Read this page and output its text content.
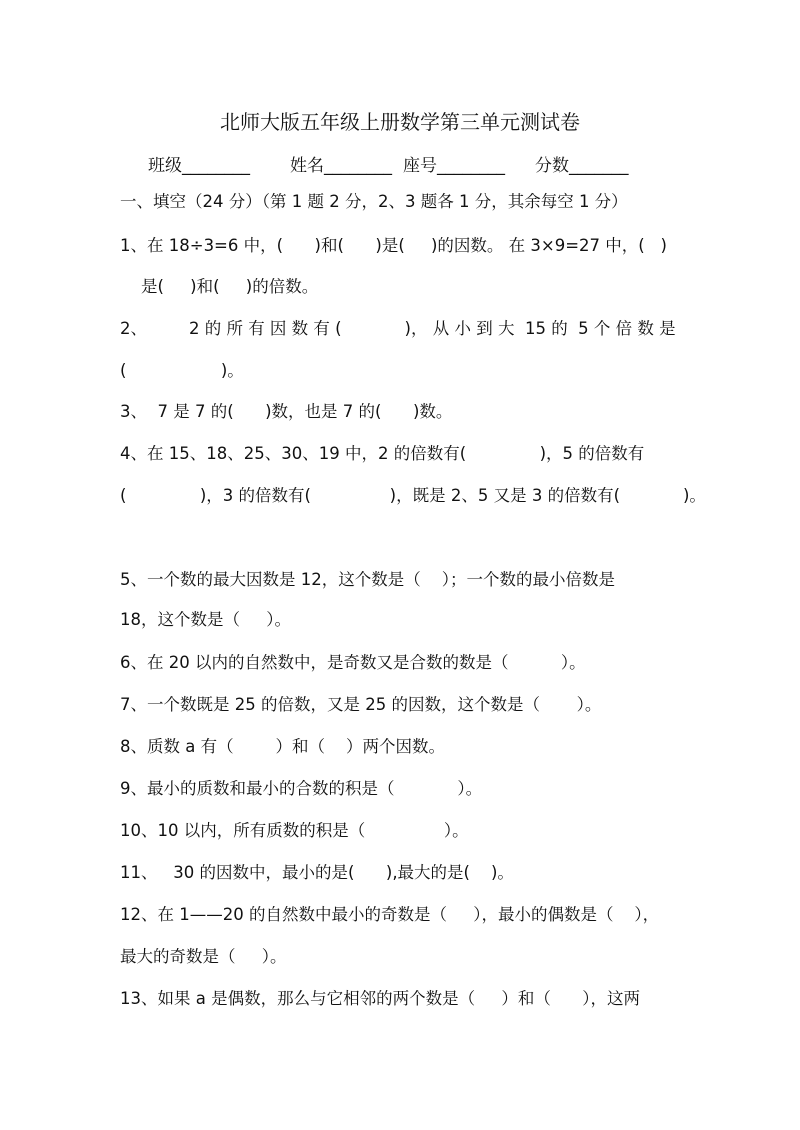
北师大版五年级上册数学第三单元测试卷
班级________ 姓名________ 座号________ 分数_______
一、填空（24 分）（第 1 题 2 分，2、3 题各 1 分，其余每空 1 分）
1、在 18÷3=6 中，(      )和(      )是(     )的因数。 在 3×9=27 中，(   )
是(     )和(     )的倍数。
2、        2 的 所 有 因 数 有 (            )， 从 小 到 大  15 的  5 个 倍 数 是
(                  )。
3、  7 是 7 的(      )数，也是 7 的(      )数。
4、在 15、18、25、30、19 中，2 的倍数有(              )，5 的倍数有
(              )，3 的倍数有(               )，既是 2、5 又是 3 的倍数有(            )。
5、一个数的最大因数是 12，这个数是（    ）；一个数的最小倍数是
18，这个数是（     ）。
6、在 20 以内的自然数中，是奇数又是合数的数是（          ）。
7、一个数既是 25 的倍数，又是 25 的因数，这个数是（       ）。
8、质数 a 有（        ）和（    ）两个因数。
9、最小的质数和最小的合数的积是（            ）。
10、10 以内，所有质数的积是（               ）。
11、   30 的因数中，最小的是(      ),最大的是(    )。
12、在 1——20 的自然数中最小的奇数是（     ），最小的偶数是（    ），
最大的奇数是（     ）。
13、如果 a 是偶数，那么与它相邻的两个数是（     ）和（      ），这两
